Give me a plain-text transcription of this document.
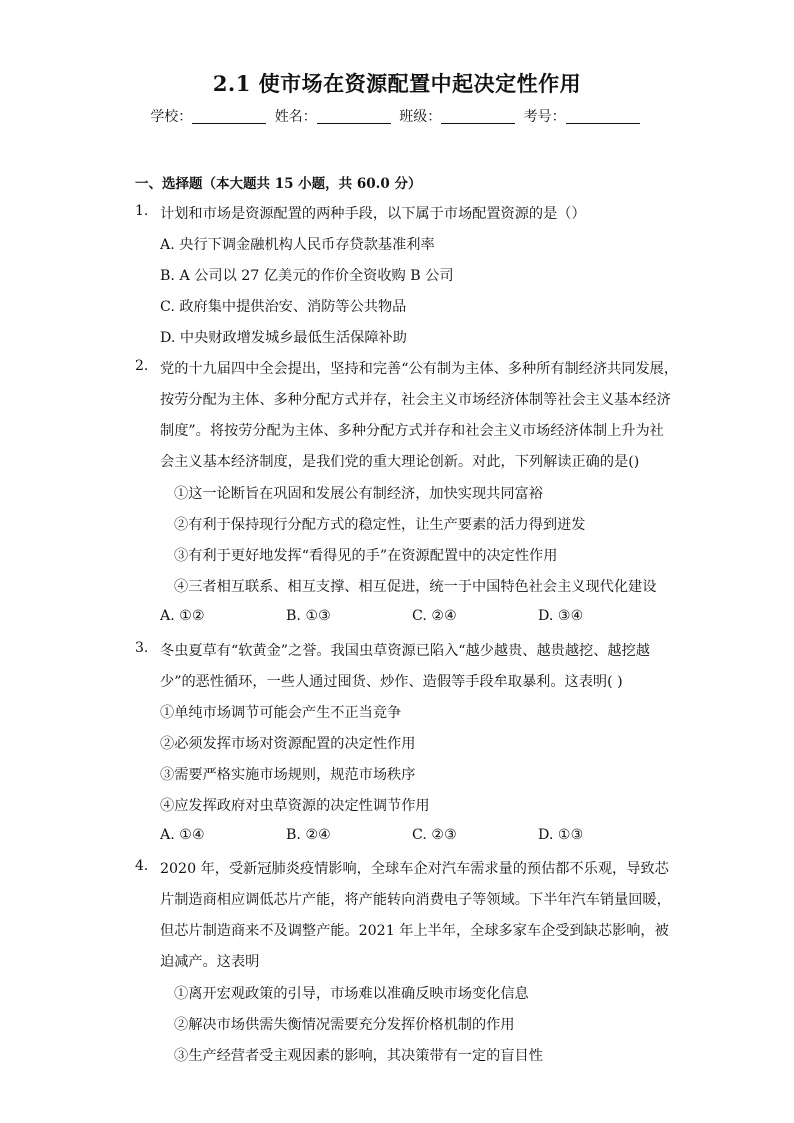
2.1 使市场在资源配置中起决定性作用
学校：	姓名：	班级：	考号：
一、选择题（本大题共 15 小题，共 60.0 分）
1. 计划和市场是资源配置的两种手段，以下属于市场配置资源的是（）
A. 央行下调金融机构人民币存贷款基准利率
B. A 公司以 27 亿美元的作价全资收购 B 公司
C. 政府集中提供治安、消防等公共物品
D. 中央财政增发城乡最低生活保障补助
2. 党的十九届四中全会提出，坚持和完善“公有制为主体、多种所有制经济共同发展，
按劳分配为主体、多种分配方式并存，社会主义市场经济体制等社会主义基本经济
制度”。将按劳分配为主体、多种分配方式并存和社会主义市场经济体制上升为社
会主义基本经济制度，是我们党的重大理论创新。对此，下列解读正确的是()
①这一论断旨在巩固和发展公有制经济，加快实现共同富裕
②有利于保持现行分配方式的稳定性，让生产要素的活力得到迸发
③有利于更好地发挥“看得见的手”在资源配置中的决定性作用
④三者相互联系、相互支撑、相互促进，统一于中国特色社会主义现代化建设
A. ①②	B. ①③	C. ②④	D. ③④
3. 冬虫夏草有“软黄金”之誉。我国虫草资源已陷入“越少越贵、越贵越挖、越挖越
少”的恶性循环，一些人通过囤货、炒作、造假等手段牟取暴利。这表明( )
①单纯市场调节可能会产生不正当竞争
②必须发挥市场对资源配置的决定性作用
③需要严格实施市场规则，规范市场秩序
④应发挥政府对虫草资源的决定性调节作用
A. ①④	B. ②④	C. ②③	D. ①③
4. 2020 年，受新冠肺炎疫情影响，全球车企对汽车需求量的预估都不乐观，导致芯
片制造商相应调低芯片产能，将产能转向消费电子等领域。下半年汽车销量回暖，
但芯片制造商来不及调整产能。2021 年上半年，全球多家车企受到缺芯影响，被
迫减产。这表明
①离开宏观政策的引导，市场难以准确反映市场变化信息
②解决市场供需失衡情况需要充分发挥价格机制的作用
③生产经营者受主观因素的影响，其决策带有一定的盲目性
